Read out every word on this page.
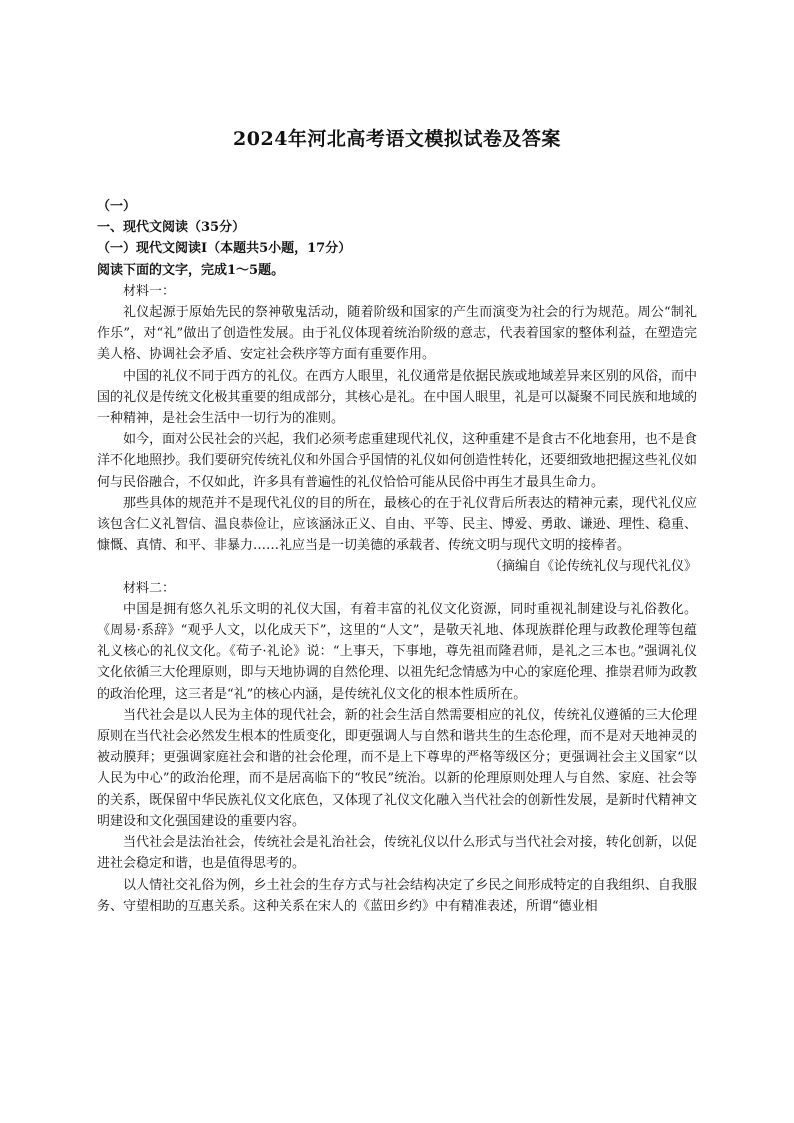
2024年河北高考语文模拟试卷及答案

（一）

一、现代文阅读（35分）

（一）现代文阅读Ⅰ（本题共5小题，17分）

阅读下面的文字，完成1～5题。

材料一：

礼仪起源于原始先民的祭神敬鬼活动，随着阶级和国家的产生而演变为社会的行为规范。周公“制礼作乐”，对“礼”做出了创造性发展。由于礼仪体现着统治阶级的意志，代表着国家的整体利益，在塑造完美人格、协调社会矛盾、安定社会秩序等方面有重要作用。

中国的礼仪不同于西方的礼仪。在西方人眼里，礼仪通常是依据民族或地域差异来区别的风俗，而中国的礼仪是传统文化极其重要的组成部分，其核心是礼。在中国人眼里，礼是可以凝聚不同民族和地域的一种精神，是社会生活中一切行为的准则。

如今，面对公民社会的兴起，我们必须考虑重建现代礼仪，这种重建不是食古不化地套用，也不是食洋不化地照抄。我们要研究传统礼仪和外国合乎国情的礼仪如何创造性转化，还要细致地把握这些礼仪如何与民俗融合，不仅如此，许多具有普遍性的礼仪恰恰可能从民俗中再生才最具生命力。

那些具体的规范并不是现代礼仪的目的所在，最核心的在于礼仪背后所表达的精神元素，现代礼仪应该包含仁义礼智信、温良恭俭让，应该涵泳正义、自由、平等、民主、博爱、勇敢、谦逊、理性、稳重、慷慨、真情、和平、非暴力……礼应当是一切美德的承载者、传统文明与现代文明的接棒者。

（摘编自《论传统礼仪与现代礼仪》

材料二：

中国是拥有悠久礼乐文明的礼仪大国，有着丰富的礼仪文化资源，同时重视礼制建设与礼俗教化。《周易·系辞》“观乎人文，以化成天下”，这里的“人文”，是敬天礼地、体现族群伦理与政教伦理等包蕴礼义核心的礼仪文化。《荀子·礼论》说：“上事天，下事地，尊先祖而隆君师，是礼之三本也。”强调礼仪文化依循三大伦理原则，即与天地协调的自然伦理、以祖先纪念情感为中心的家庭伦理、推崇君师为政教的政治伦理，这三者是“礼”的核心内涵，是传统礼仪文化的根本性质所在。

当代社会是以人民为主体的现代社会，新的社会生活自然需要相应的礼仪，传统礼仪遵循的三大伦理原则在当代社会必然发生根本的性质变化，即更强调人与自然和谐共生的生态伦理，而不是对天地神灵的被动膜拜；更强调家庭社会和谐的社会伦理，而不是上下尊卑的严格等级区分；更强调社会主义国家“以人民为中心”的政治伦理，而不是居高临下的“牧民”统治。以新的伦理原则处理人与自然、家庭、社会等的关系，既保留中华民族礼仪文化底色，又体现了礼仪文化融入当代社会的创新性发展，是新时代精神文明建设和文化强国建设的重要内容。

当代社会是法治社会，传统社会是礼治社会，传统礼仪以什么形式与当代社会对接，转化创新，以促进社会稳定和谐，也是值得思考的。

以人情社交礼俗为例，乡土社会的生存方式与社会结构决定了乡民之间形成特定的自我组织、自我服务、守望相助的互惠关系。这种关系在宋人的《蓝田乡约》中有精准表述，所谓“德业相
